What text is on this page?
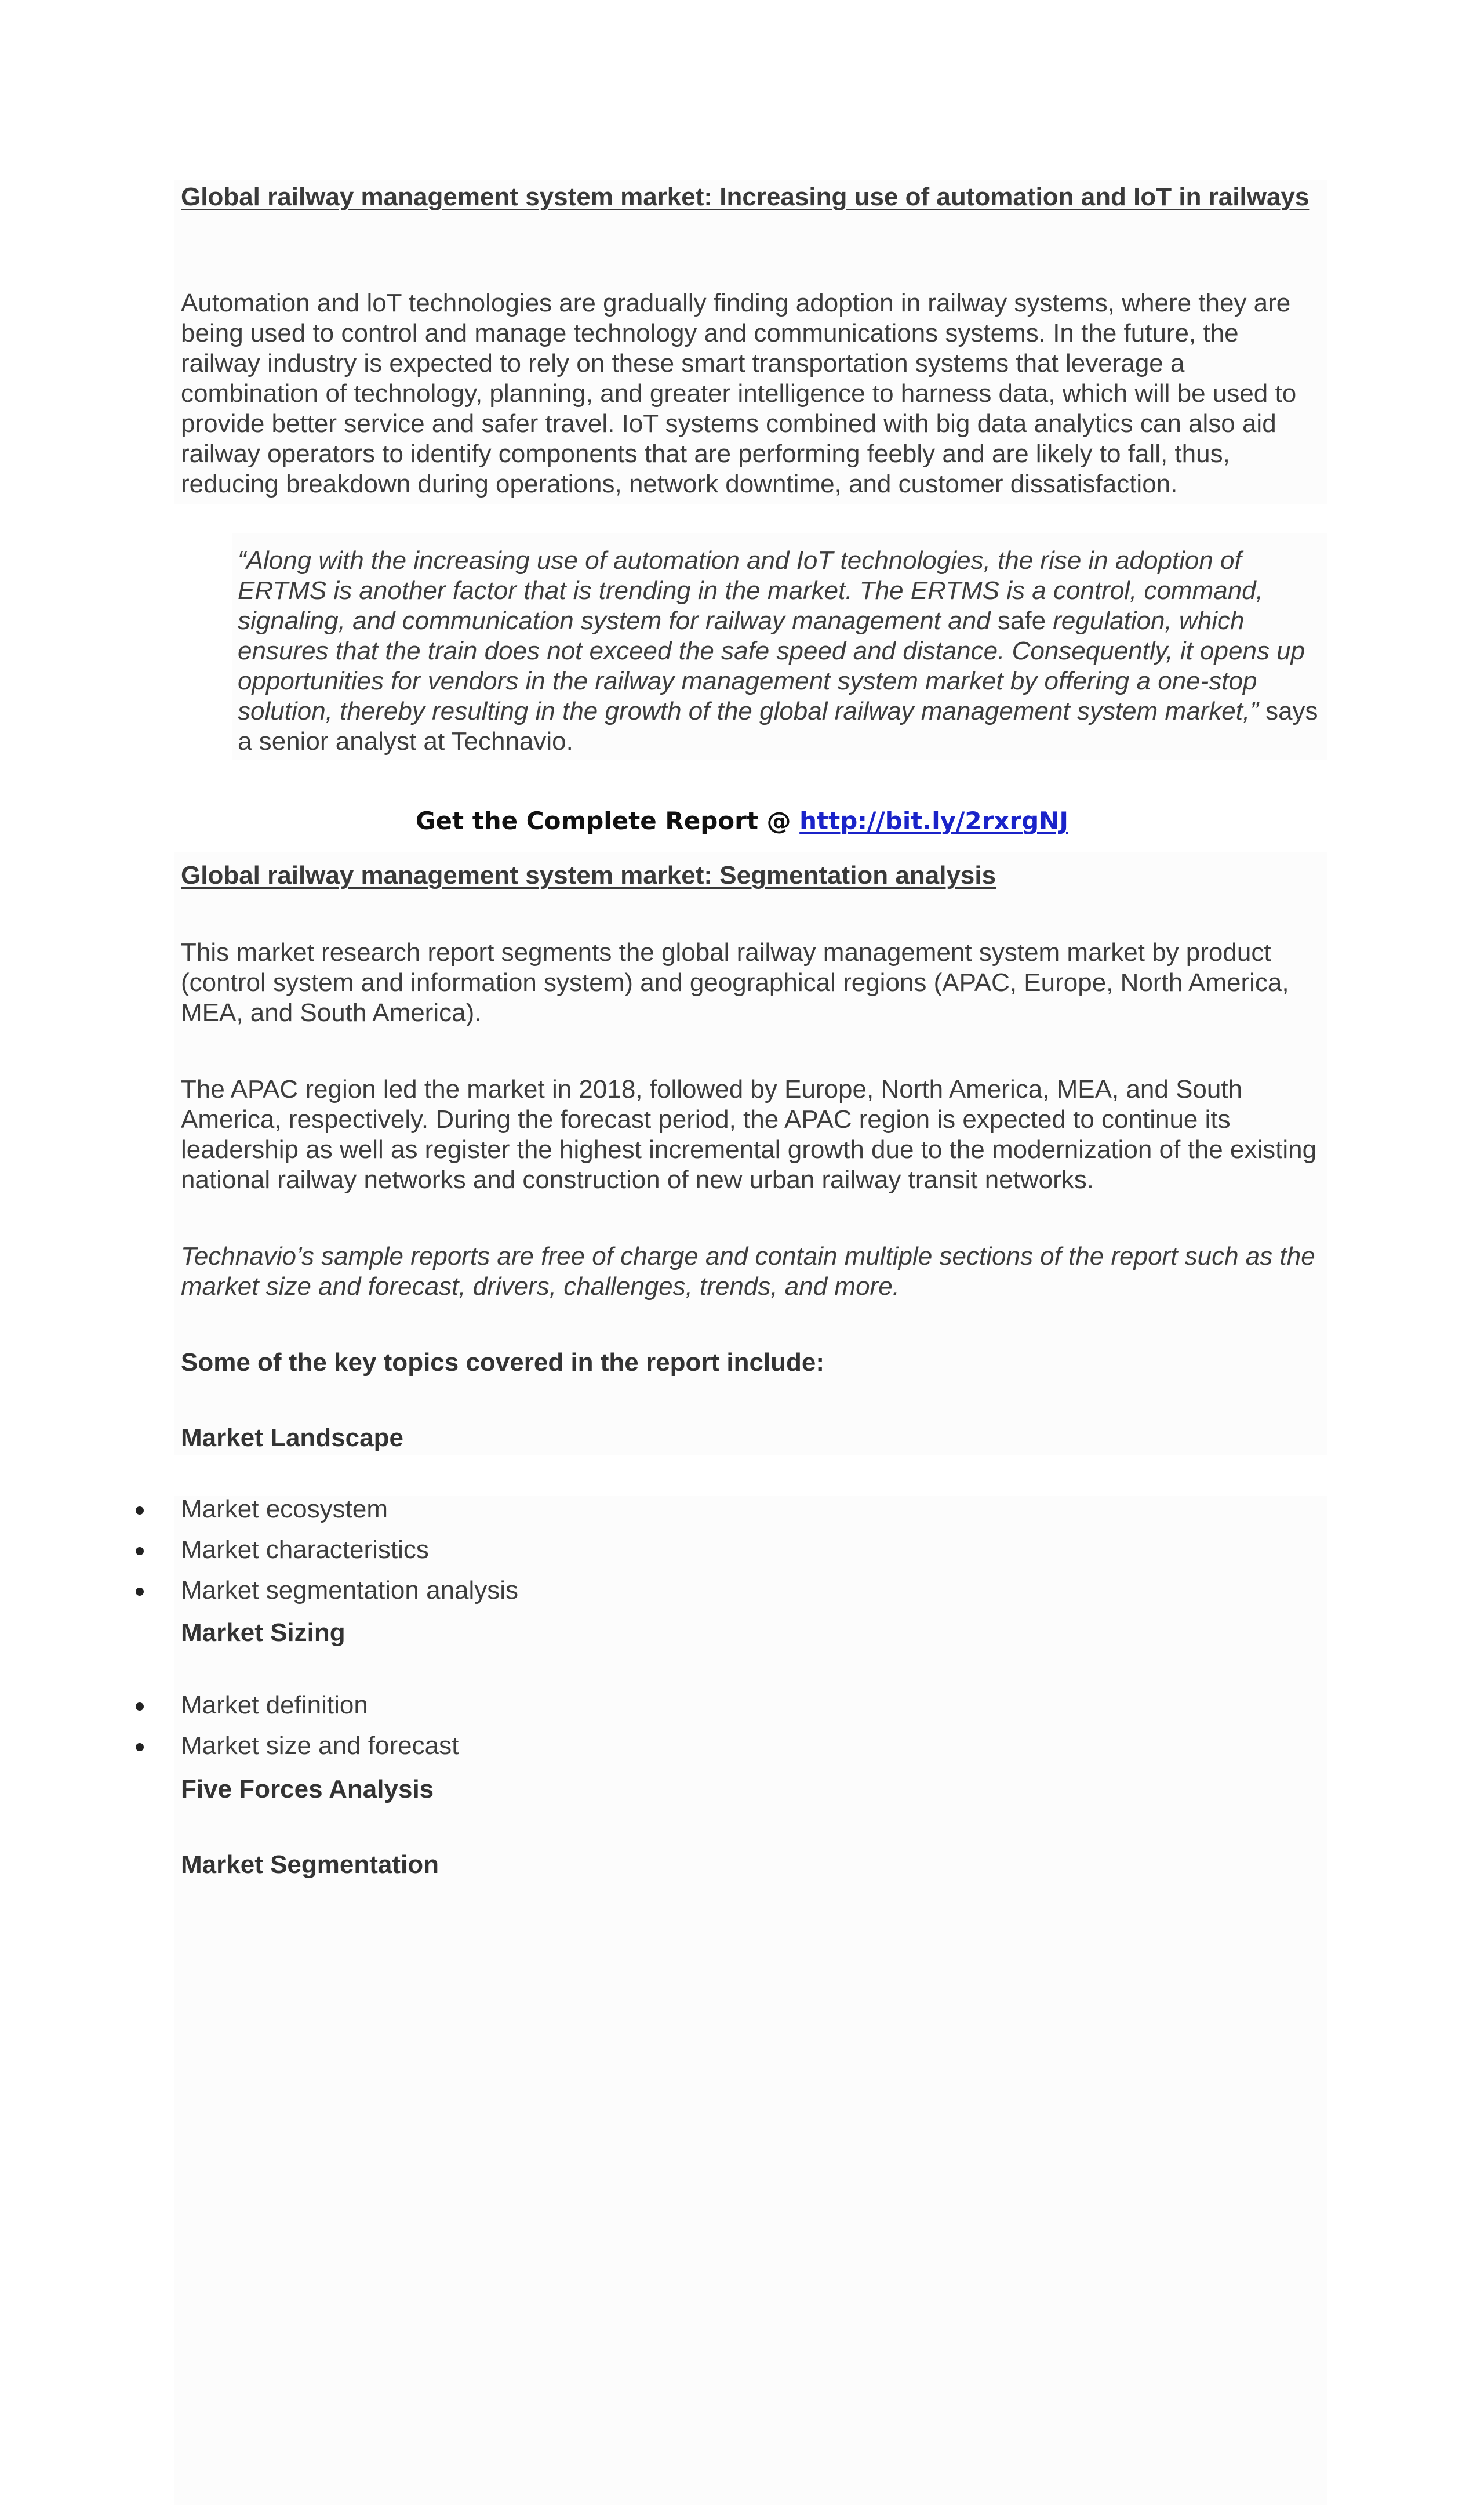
Global railway management system market: Increasing use of automation and IoT in railways

Automation and loT technologies are gradually finding adoption in railway systems, where they are being used to control and manage technology and communications systems. In the future, the railway industry is expected to rely on these smart transportation systems that leverage a combination of technology, planning, and greater intelligence to harness data, which will be used to provide better service and safer travel. IoT systems combined with big data analytics can also aid railway operators to identify components that are performing feebly and are likely to fall, thus, reducing breakdown during operations, network downtime, and customer dissatisfaction.

“Along with the increasing use of automation and IoT technologies, the rise in adoption of ERTMS is another factor that is trending in the market. The ERTMS is a control, command, signaling, and communication system for railway management and safe regulation, which ensures that the train does not exceed the safe speed and distance. Consequently, it opens up opportunities for vendors in the railway management system market by offering a one-stop solution, thereby resulting in the growth of the global railway management system market,” says a senior analyst at Technavio.

Get the Complete Report @ http://bit.ly/2rxrgNJ
Global railway management system market: Segmentation analysis

This market research report segments the global railway management system market by product (control system and information system) and geographical regions (APAC, Europe, North America, MEA, and South America).

The APAC region led the market in 2018, followed by Europe, North America, MEA, and South America, respectively. During the forecast period, the APAC region is expected to continue its leadership as well as register the highest incremental growth due to the modernization of the existing national railway networks and construction of new urban railway transit networks.

Technavio’s sample reports are free of charge and contain multiple sections of the report such as the market size and forecast, drivers, challenges, trends, and more.

Some of the key topics covered in the report include:

Market Landscape

Market ecosystem
Market characteristics
Market segmentation analysis

Market Sizing

Market definition
Market size and forecast

Five Forces Analysis

Market Segmentation
